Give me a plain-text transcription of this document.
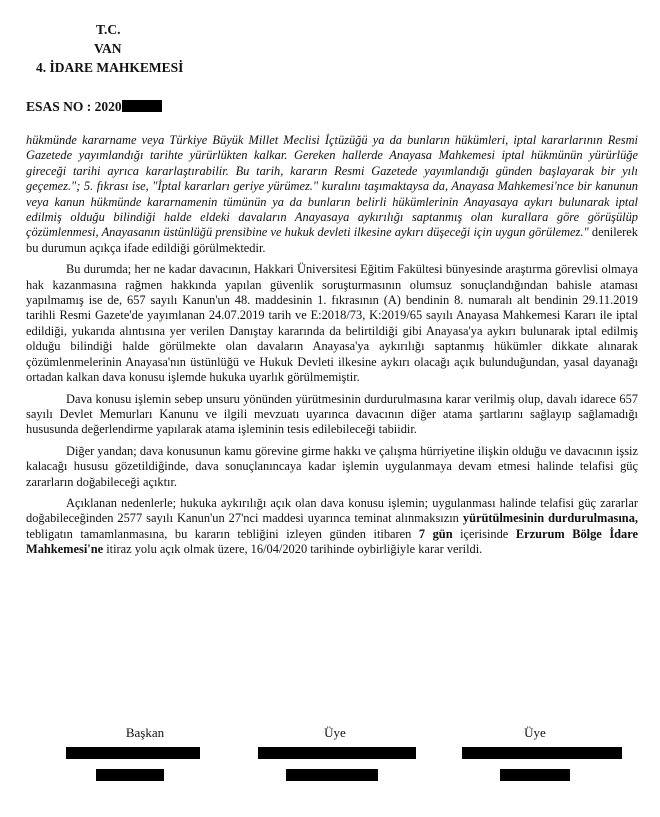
T.C.
VAN
4. İDARE MAHKEMESİ
ESAS NO : 2020

hükmünde kararname veya Türkiye Büyük Millet Meclisi İçtüzüğü ya da bunların hükümleri, iptal kararlarının Resmi Gazetede yayımlandığı tarihte yürürlükten kalkar. Gereken hallerde Anayasa Mahkemesi iptal hükmünün yürürlüğe gireceği tarihi ayrıca kararlaştırabilir. Bu tarih, kararın Resmi Gazetede yayımlandığı günden başlayarak bir yılı geçemez."; 5. fıkrası ise, "İptal kararları geriye yürümez." kuralını taşımaktaysa da, Anayasa Mahkemesi'nce bir kanunun veya kanun hükmünde kararnamenin tümünün ya da bunların belirli hükümlerinin Anayasaya aykırı bulunarak iptal edilmiş olduğu bilindiği halde eldeki davaların Anayasaya aykırılığı saptanmış olan kurallara göre görüşülüp çözümlenmesi, Anayasanın üstünlüğü prensibine ve hukuk devleti ilkesine aykırı düşeceği için uygun görülemez." denilerek bu durumun açıkça ifade edildiği görülmektedir.

Bu durumda; her ne kadar davacının, Hakkari Üniversitesi Eğitim Fakültesi bünyesinde araştırma görevlisi olmaya hak kazanmasına rağmen hakkında yapılan güvenlik soruşturmasının olumsuz sonuçlandığından bahisle ataması yapılmamış ise de, 657 sayılı Kanun'un 48. maddesinin 1. fıkrasının (A) bendinin 8. numaralı alt bendinin 29.11.2019 tarihli Resmi Gazete'de yayımlanan 24.07.2019 tarih ve E:2018/73, K:2019/65 sayılı Anayasa Mahkemesi Kararı ile iptal edildiği, yukarıda alıntısına yer verilen Danıştay kararında da belirtildiği gibi Anayasa'ya aykırı bulunarak iptal edilmiş olduğu bilindiği halde görülmekte olan davaların Anayasa'ya aykırılığı saptanmış hükümler dikkate alınarak çözümlenmelerinin Anayasa'nın üstünlüğü ve Hukuk Devleti ilkesine aykırı olacağı açık bulunduğundan, yasal dayanağı ortadan kalkan dava konusu işlemde hukuka uyarlık görülmemiştir.

Dava konusu işlemin sebep unsuru yönünden yürütmesinin durdurulmasına karar verilmiş olup, davalı idarece 657 sayılı Devlet Memurları Kanunu ve ilgili mevzuatı uyarınca davacının diğer atama şartlarını sağlayıp sağlamadığı hususunda değerlendirme yapılarak atama işleminin tesis edilebileceği tabiidir.

Diğer yandan; dava konusunun kamu görevine girme hakkı ve çalışma hürriyetine ilişkin olduğu ve davacının işsiz kalacağı hususu gözetildiğinde, dava sonuçlanıncaya kadar işlemin uygulanmaya devam etmesi halinde telafisi güç zararların doğabileceği açıktır.

Açıklanan nedenlerle; hukuka aykırılığı açık olan dava konusu işlemin; uygulanması halinde telafisi güç zararlar doğabileceğinden 2577 sayılı Kanun'un 27'nci maddesi uyarınca teminat alınmaksızın yürütülmesinin durdurulmasına, tebligatın tamamlanmasına, bu kararın tebliğini izleyen günden itibaren 7 gün içerisinde Erzurum Bölge İdare Mahkemesi'ne itiraz yolu açık olmak üzere, 16/04/2020 tarihinde oybirliğiyle karar verildi.

Başkan	Üye	Üye
